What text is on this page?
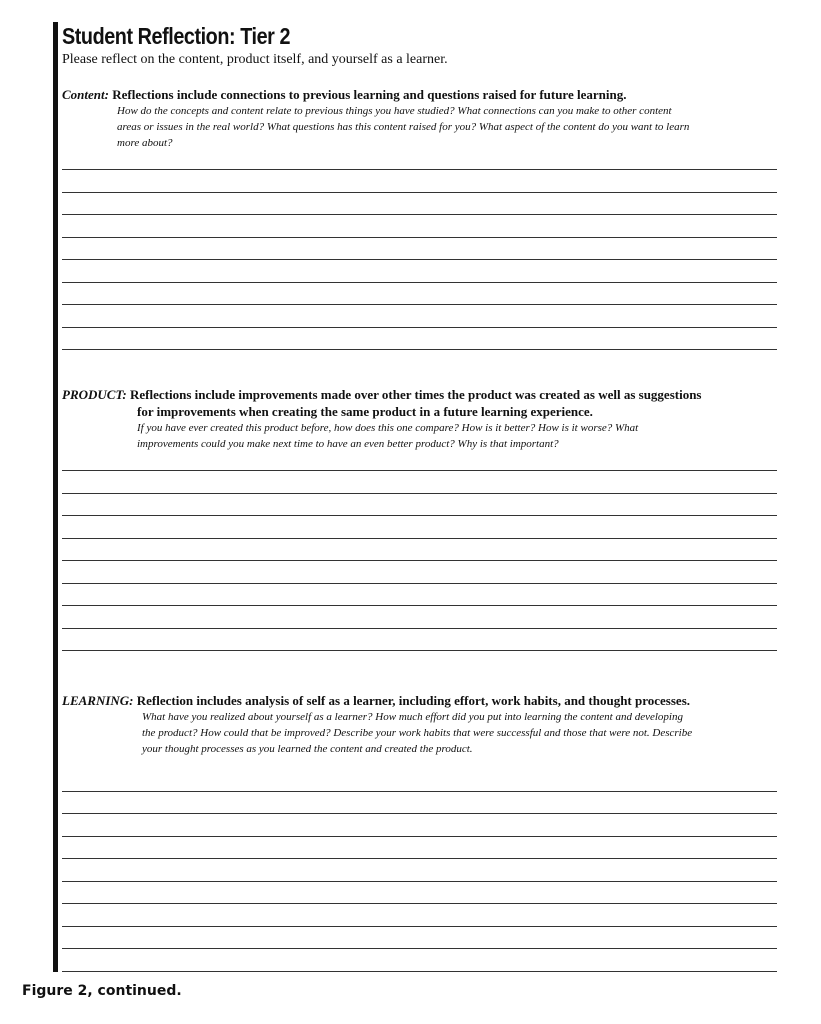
Student Reflection: Tier 2
Please reflect on the content, product itself, and yourself as a learner.
Content: Reflections include connections to previous learning and questions raised for future learning.
How do the concepts and content relate to previous things you have studied? What connections can you make to other content
areas or issues in the real world? What questions has this content raised for you? What aspect of the content do you want to learn
more about?
PRODUCT: Reflections include improvements made over other times the product was created as well as suggestions
for improvements when creating the same product in a future learning experience.
If you have ever created this product before, how does this one compare? How is it better? How is it worse? What
improvements could you make next time to have an even better product? Why is that important?
LEARNING: Reflection includes analysis of self as a learner, including effort, work habits, and thought processes.
What have you realized about yourself as a learner? How much effort did you put into learning the content and developing
the product? How could that be improved? Describe your work habits that were successful and those that were not. Describe
your thought processes as you learned the content and created the product.
Figure 2, continued.
